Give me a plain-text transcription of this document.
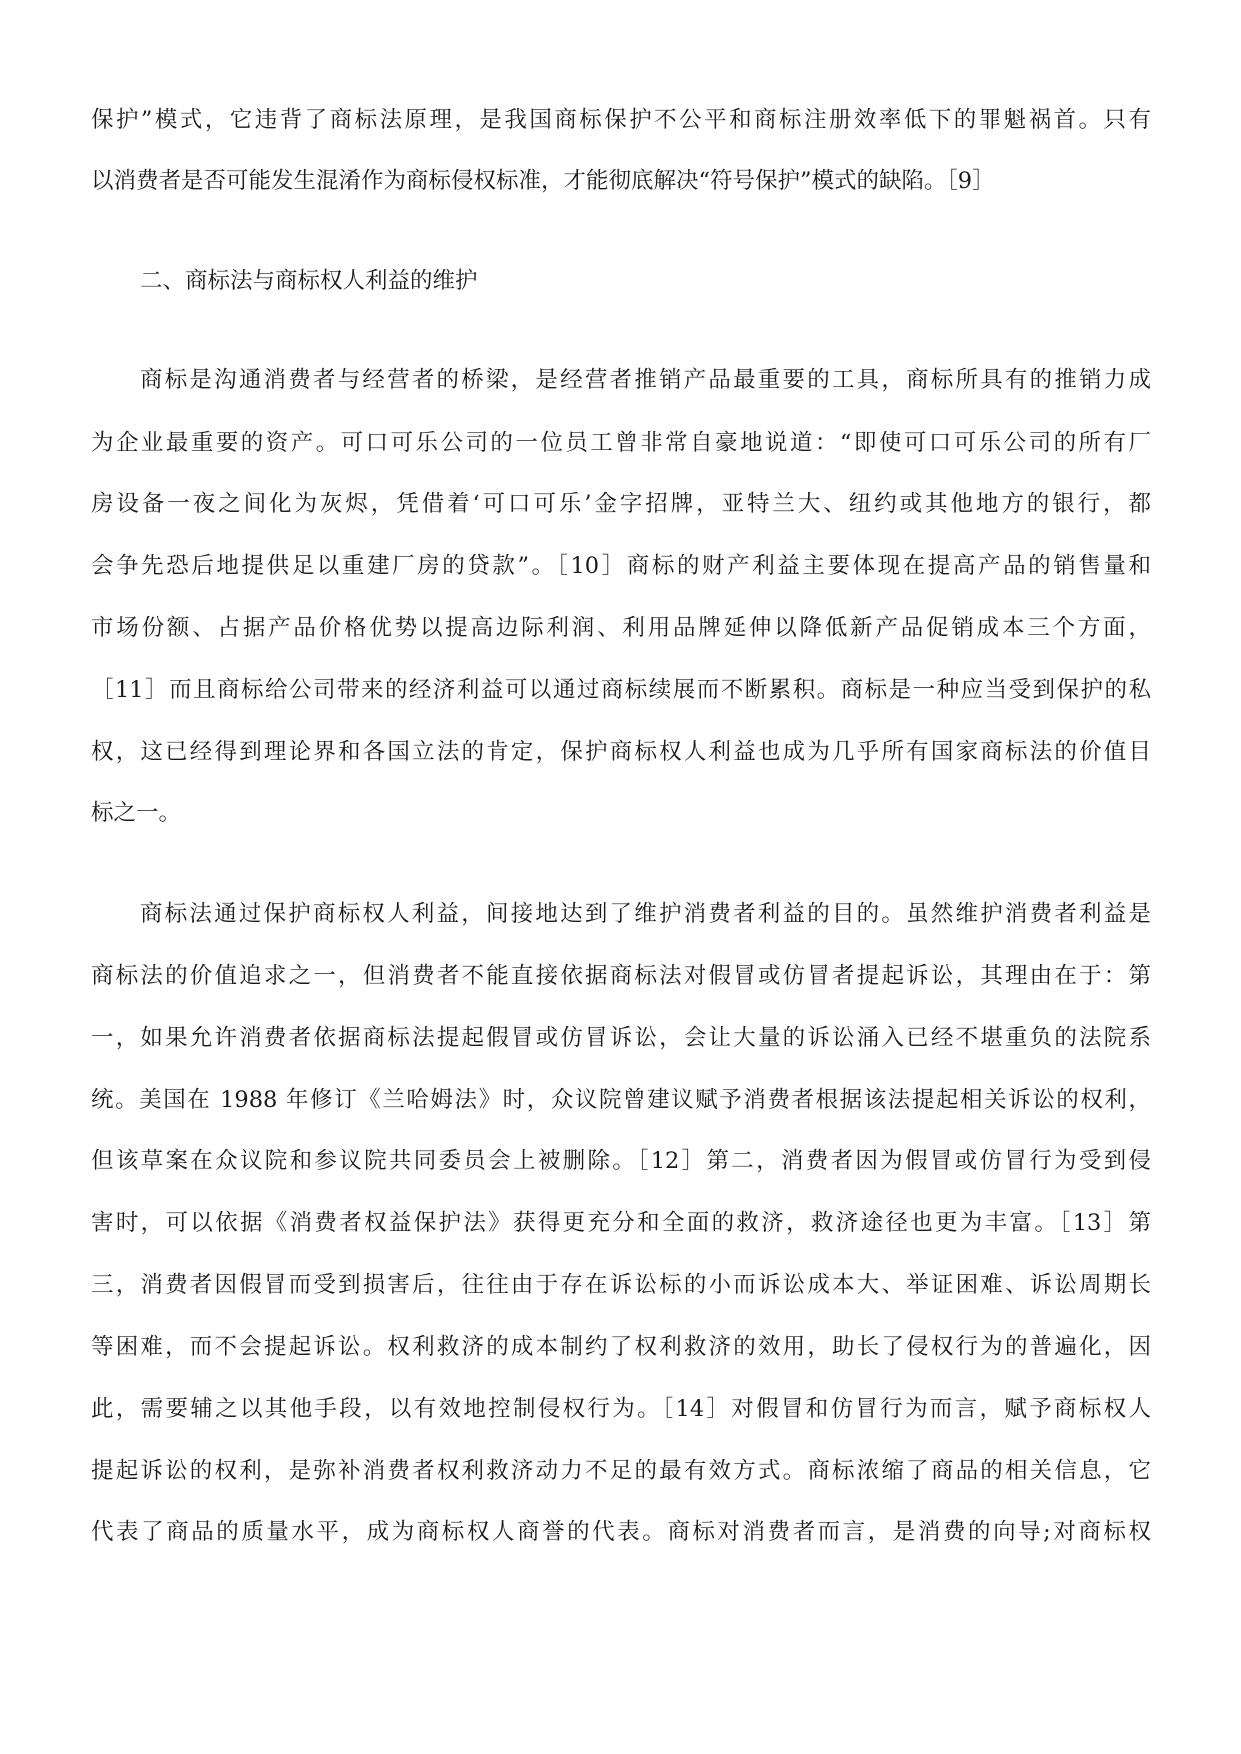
保护”模式，它违背了商标法原理，是我国商标保护不公平和商标注册效率低下的罪魁祸首。只有
以消费者是否可能发生混淆作为商标侵权标准，才能彻底解决“符号保护”模式的缺陷。［9］
二、商标法与商标权人利益的维护
商标是沟通消费者与经营者的桥梁，是经营者推销产品最重要的工具，商标所具有的推销力成
为企业最重要的资产。可口可乐公司的一位员工曾非常自豪地说道：“即使可口可乐公司的所有厂
房设备一夜之间化为灰烬，凭借着‘可口可乐’金字招牌，亚特兰大、纽约或其他地方的银行，都
会争先恐后地提供足以重建厂房的贷款”。［10］商标的财产利益主要体现在提高产品的销售量和
市场份额、占据产品价格优势以提高边际利润、利用品牌延伸以降低新产品促销成本三个方面，
［11］而且商标给公司带来的经济利益可以通过商标续展而不断累积。商标是一种应当受到保护的私
权，这已经得到理论界和各国立法的肯定，保护商标权人利益也成为几乎所有国家商标法的价值目
标之一。
商标法通过保护商标权人利益，间接地达到了维护消费者利益的目的。虽然维护消费者利益是
商标法的价值追求之一，但消费者不能直接依据商标法对假冒或仿冒者提起诉讼，其理由在于：第
一，如果允许消费者依据商标法提起假冒或仿冒诉讼，会让大量的诉讼涌入已经不堪重负的法院系
统。美国在 1988 年修订《兰哈姆法》时，众议院曾建议赋予消费者根据该法提起相关诉讼的权利，
但该草案在众议院和参议院共同委员会上被删除。［12］第二，消费者因为假冒或仿冒行为受到侵
害时，可以依据《消费者权益保护法》获得更充分和全面的救济，救济途径也更为丰富。［13］第
三，消费者因假冒而受到损害后，往往由于存在诉讼标的小而诉讼成本大、举证困难、诉讼周期长
等困难，而不会提起诉讼。权利救济的成本制约了权利救济的效用，助长了侵权行为的普遍化，因
此，需要辅之以其他手段，以有效地控制侵权行为。［14］对假冒和仿冒行为而言，赋予商标权人
提起诉讼的权利，是弥补消费者权利救济动力不足的最有效方式。商标浓缩了商品的相关信息，它
代表了商品的质量水平，成为商标权人商誉的代表。商标对消费者而言，是消费的向导;对商标权
